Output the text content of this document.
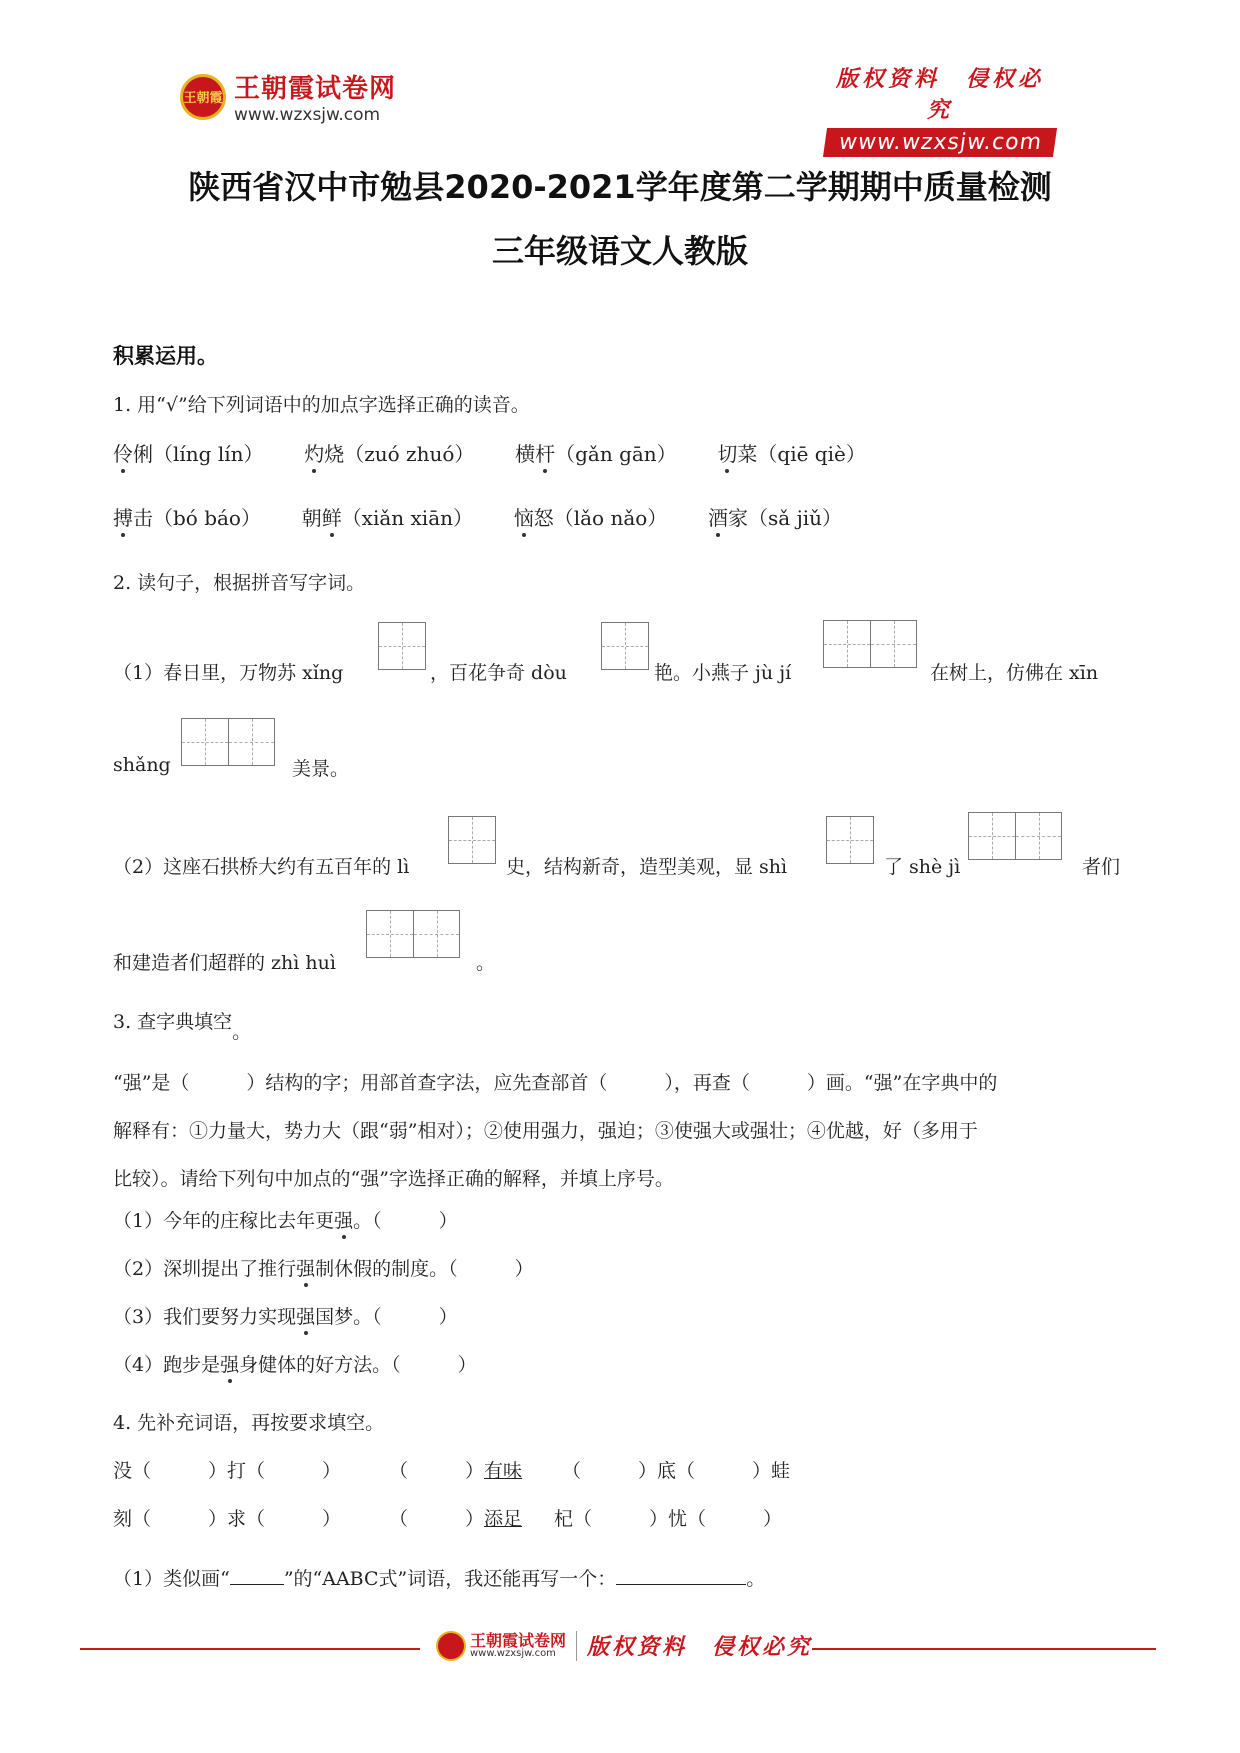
王朝霞 王朝霞试卷网
www.wzxsjw.com
版权资料　侵权必究
www.wzxsjw.com
陕西省汉中市勉县2020-2021学年度第二学期期中质量检测
三年级语文人教版
积累运用。
1. 用“√”给下列词语中的加点字选择正确的读音。
伶俐（líng lín） 灼烧（zuó zhuó） 横杆（gǎn gān） 切菜（qiē qiè）
搏击（bó báo） 朝鲜（xiǎn xiān） 恼怒（lǎo nǎo） 酒家（sǎ jiǔ）
2. 读句子，根据拼音写字词。
（1）春日里，万物苏 xǐng	，百花争奇 dòu	艳。小燕子 jù jí	在树上，仿佛在 xīn
shǎng	美景。
（2）这座石拱桥大约有五百年的 lì	史，结构新奇，造型美观，显 shì	了 shè jì	者们
和建造者们超群的 zhì huì	。
3. 查字典填空。
“强”是（　　　）结构的字；用部首查字法，应先查部首（　　　），再查（　　　）画。“强”在字典中的
解释有：①力量大，势力大（跟“弱”相对）；②使用强力，强迫；③使强大或强壮；④优越，好（多用于
比较）。请给下列句中加点的“强”字选择正确的解释，并填上序号。
（1）今年的庄稼比去年更强。（　　　）
（2）深圳提出了推行强制休假的制度。（　　　）
（3）我们要努力实现强国梦。（　　　）
（4）跑步是强身健体的好方法。（　　　）
4. 先补充词语，再按要求填空。
没（　　　）打（　　　）	（　　　）有味 （　　　）底（　　　）蛙
刻（　　　）求（　　　）	（　　　）添足 杞（　　　）忧（　　　）
（1）类似画“	”的“AABC式”词语，我还能再写一个：	。
王朝霞试卷网
www.wzxsjw.com	版权资料　侵权必究
